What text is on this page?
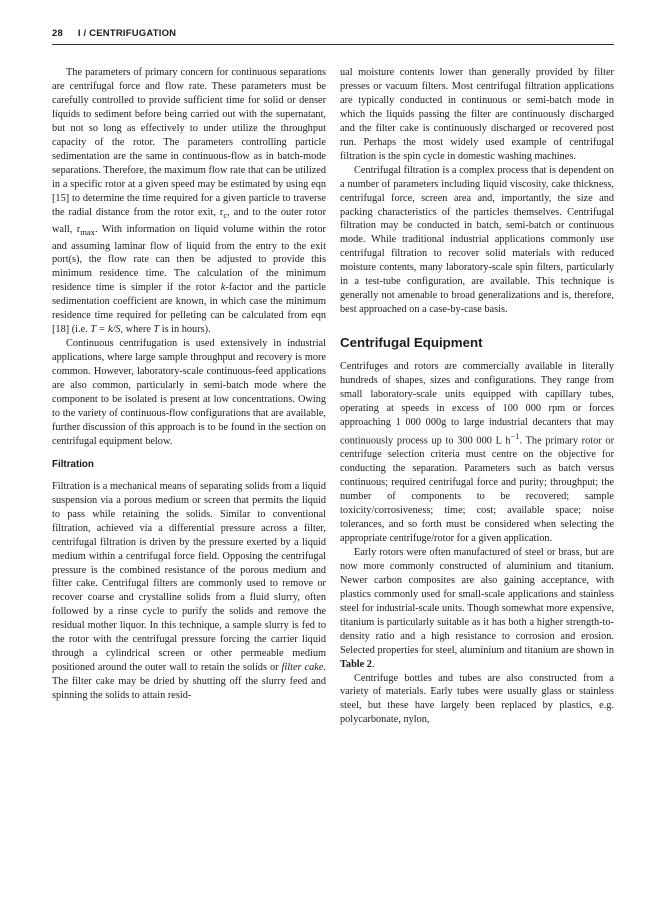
28 I / CENTRIFUGATION

The parameters of primary concern for continuous separations are centrifugal force and flow rate. These parameters must be carefully controlled to provide sufficient time for solid or denser liquids to sediment before being carried out with the supernatant, but not so long as effectively to under utilize the throughput capacity of the rotor. The parameters controlling particle sedimentation are the same in continuous-flow as in batch-mode separations. Therefore, the maximum flow rate that can be utilized in a specific rotor at a given speed may be estimated by using eqn [15] to determine the time required for a given particle to traverse the radial distance from the rotor exit, $r_c$, and to the outer rotor wall, $r_{max}$. With information on liquid volume within the rotor and assuming laminar flow of liquid from the entry to the exit port(s), the flow rate can then be adjusted to provide this minimum residence time. The calculation of the minimum residence time is simpler if the rotor k-factor and the particle sedimentation coefficient are known, in which case the minimum residence time required for pelleting can be calculated from eqn [18] (i.e. T = k/S, where T is in hours).

Continuous centrifugation is used extensively in industrial applications, where large sample throughput and recovery is more common. However, laboratory-scale continuous-feed applications are also common, particularly in semi-batch mode where the component to be isolated is present at low concentrations. Owing to the variety of continuous-flow configurations that are available, further discussion of this approach is to be found in the section on centrifugal equipment below.

Filtration

Filtration is a mechanical means of separating solids from a liquid suspension via a porous medium or screen that permits the liquid to pass while retaining the solids. Similar to conventional filtration, achieved via a differential pressure across a filter, centrifugal filtration is driven by the pressure exerted by a liquid medium within a centrifugal force field. Opposing the centrifugal pressure is the combined resistance of the porous medium and filter cake. Centrifugal filters are commonly used to remove or recover coarse and crystalline solids from a fluid slurry, often followed by a rinse cycle to purify the solids and remove the residual mother liquor. In this technique, a sample slurry is fed to the rotor with the centrifugal pressure forcing the carrier liquid through a cylindrical screen or other permeable medium positioned around the outer wall to retain the solids or filter cake. The filter cake may be dried by shutting off the slurry feed and spinning the solids to attain resid-

ual moisture contents lower than generally provided by filter presses or vacuum filters. Most centrifugal filtration applications are typically conducted in continuous or semi-batch mode in which the liquids passing the filter are continuously discharged and the filter cake is continuously discharged or recovered post run. Perhaps the most widely used example of centrifugal filtration is the spin cycle in domestic washing machines.

Centrifugal filtration is a complex process that is dependent on a number of parameters including liquid viscosity, cake thickness, centrifugal force, screen area and, importantly, the size and packing characteristics of the particles themselves. Centrifugal filtration may be conducted in batch, semi-batch or continuous mode. While traditional industrial applications commonly use centrifugal filtration to recover solid materials with reduced moisture contents, many laboratory-scale spin filters, particularly in a test-tube configuration, are available. This technique is generally not amenable to broad generalizations and is, therefore, best approached on a case-by-case basis.

Centrifugal Equipment

Centrifuges and rotors are commercially available in literally hundreds of shapes, sizes and configurations. They range from small laboratory-scale units equipped with capillary tubes, operating at speeds in excess of 100 000 rpm or forces approaching 1 000 000g to large industrial decanters that may continuously process up to 300 000 L $h^{-1}$. The primary rotor or centrifuge selection criteria must centre on the objective for conducting the separation. Parameters such as batch versus continuous; required centrifugal force and purity; throughput; the number of components to be recovered; sample toxicity/corrosiveness; time; cost; available space; noise tolerances, and so forth must be considered when selecting the appropriate centrifuge/rotor for a given application.

Early rotors were often manufactured of steel or brass, but are now more commonly constructed of aluminium and titanium. Newer carbon composites are also gaining acceptance, with plastics commonly used for small-scale applications and stainless steel for industrial-scale units. Though somewhat more expensive, titanium is particularly suitable as it has both a higher strength-to-density ratio and a high resistance to corrosion and erosion. Selected properties for steel, aluminium and titanium are shown in Table 2.

Centrifuge bottles and tubes are also constructed from a variety of materials. Early tubes were usually glass or stainless steel, but these have largely been replaced by plastics, e.g. polycarbonate, nylon,
